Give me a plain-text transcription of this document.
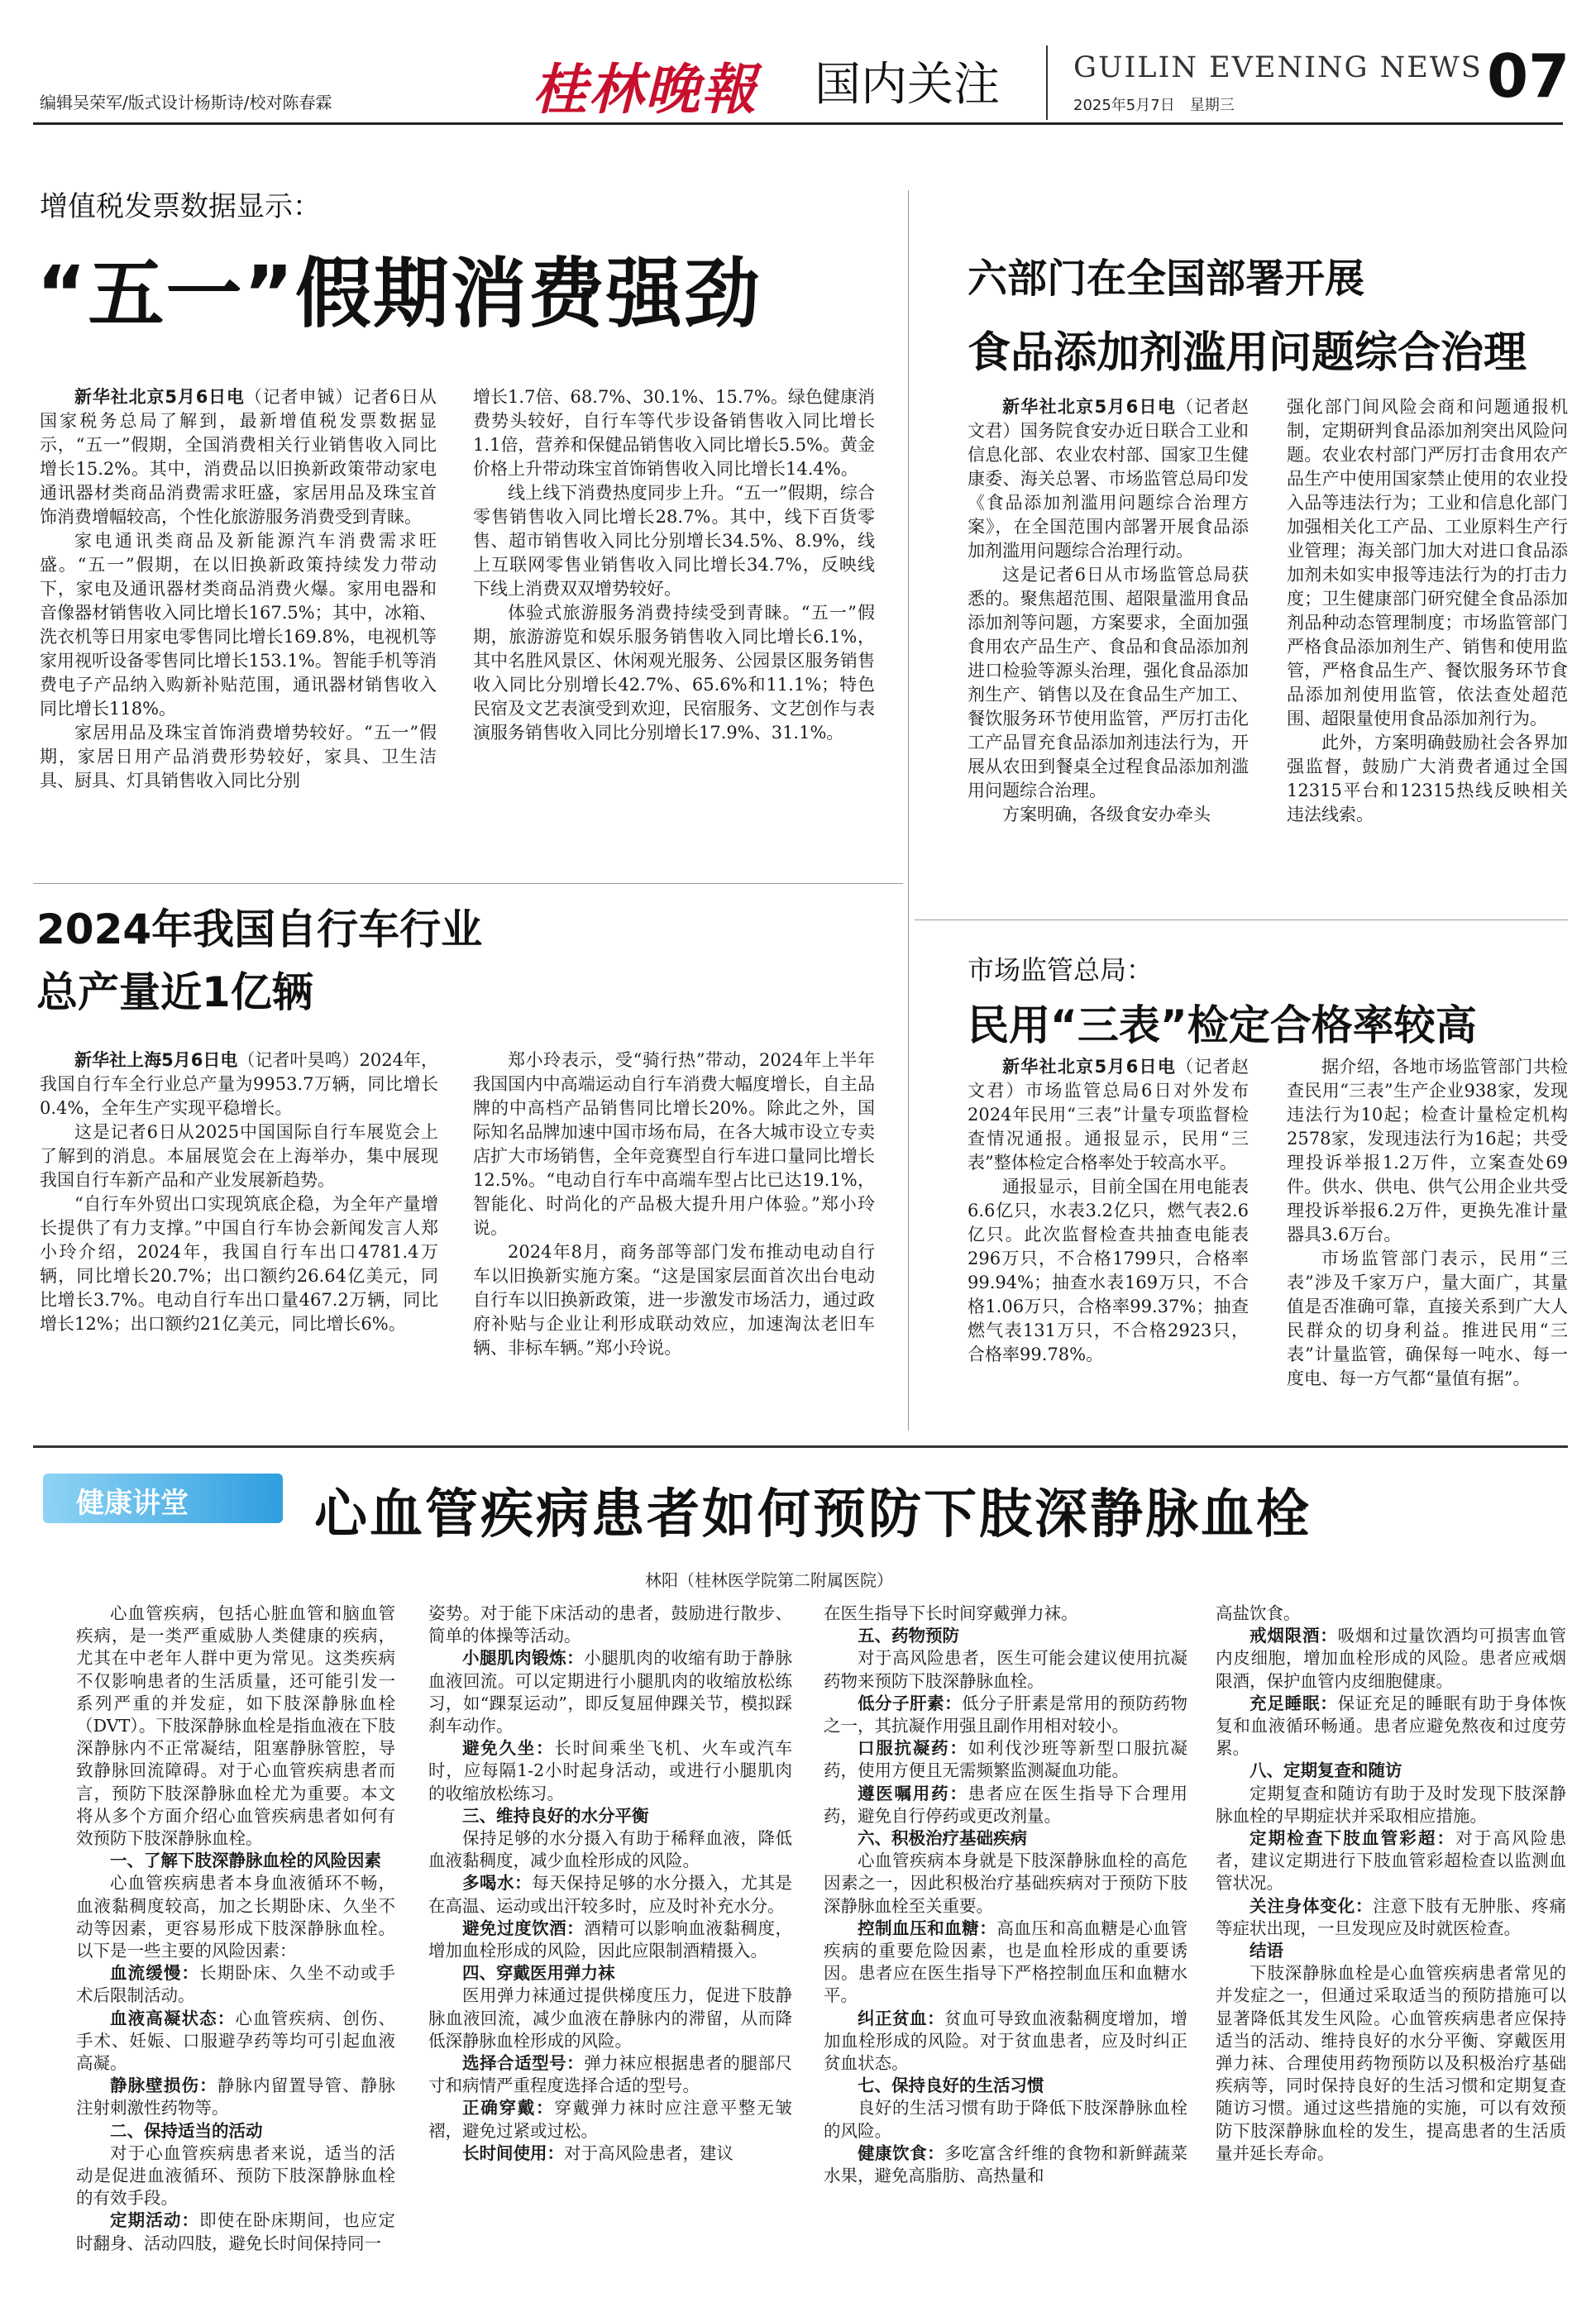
编辑吴荣军/版式设计杨斯诗/校对陈春霖	桂林晚報 国内关注	GUILIN EVENING NEWS
2025年5月7日　星期三	07
增值税发票数据显示：
“五一”假期消费强劲

新华社北京5月6日电（记者申铖）记者6日从国家税务总局了解到，最新增值税发票数据显示，“五一”假期，全国消费相关行业销售收入同比增长15.2%。其中，消费品以旧换新政策带动家电通讯器材类商品消费需求旺盛，家居用品及珠宝首饰消费增幅较高，个性化旅游服务消费受到青睐。

家电通讯类商品及新能源汽车消费需求旺盛。“五一”假期，在以旧换新政策持续发力带动下，家电及通讯器材类商品消费火爆。家用电器和音像器材销售收入同比增长167.5%；其中，冰箱、洗衣机等日用家电零售同比增长169.8%，电视机等家用视听设备零售同比增长153.1%。智能手机等消费电子产品纳入购新补贴范围，通讯器材销售收入同比增长118%。

家居用品及珠宝首饰消费增势较好。“五一”假期，家居日用产品消费形势较好，家具、卫生洁具、厨具、灯具销售收入同比分别

增长1.7倍、68.7%、30.1%、15.7%。绿色健康消费势头较好，自行车等代步设备销售收入同比增长1.1倍，营养和保健品销售收入同比增长5.5%。黄金价格上升带动珠宝首饰销售收入同比增长14.4%。

线上线下消费热度同步上升。“五一”假期，综合零售销售收入同比增长28.7%。其中，线下百货零售、超市销售收入同比分别增长34.5%、8.9%，线上互联网零售业销售收入同比增长34.7%，反映线下线上消费双双增势较好。

体验式旅游服务消费持续受到青睐。“五一”假期，旅游游览和娱乐服务销售收入同比增长6.1%，其中名胜风景区、休闲观光服务、公园景区服务销售收入同比分别增长42.7%、65.6%和11.1%；特色民宿及文艺表演受到欢迎，民宿服务、文艺创作与表演服务销售收入同比分别增长17.9%、31.1%。

六部门在全国部署开展
食品添加剂滥用问题综合治理

新华社北京5月6日电（记者赵文君）国务院食安办近日联合工业和信息化部、农业农村部、国家卫生健康委、海关总署、市场监管总局印发《食品添加剂滥用问题综合治理方案》，在全国范围内部署开展食品添加剂滥用问题综合治理行动。

这是记者6日从市场监管总局获悉的。聚焦超范围、超限量滥用食品添加剂等问题，方案要求，全面加强食用农产品生产、食品和食品添加剂进口检验等源头治理，强化食品添加剂生产、销售以及在食品生产加工、餐饮服务环节使用监管，严厉打击化工产品冒充食品添加剂违法行为，开展从农田到餐桌全过程食品添加剂滥用问题综合治理。

方案明确，各级食安办牵头

强化部门间风险会商和问题通报机制，定期研判食品添加剂突出风险问题。农业农村部门严厉打击食用农产品生产中使用国家禁止使用的农业投入品等违法行为；工业和信息化部门加强相关化工产品、工业原料生产行业管理；海关部门加大对进口食品添加剂未如实申报等违法行为的打击力度；卫生健康部门研究健全食品添加剂品种动态管理制度；市场监管部门严格食品添加剂生产、销售和使用监管，严格食品生产、餐饮服务环节食品添加剂使用监管，依法查处超范围、超限量使用食品添加剂行为。

此外，方案明确鼓励社会各界加强监督，鼓励广大消费者通过全国12315平台和12315热线反映相关违法线索。

2024年我国自行车行业
总产量近1亿辆

新华社上海5月6日电（记者叶昊鸣）2024年，我国自行车全行业总产量为9953.7万辆，同比增长0.4%，全年生产实现平稳增长。

这是记者6日从2025中国国际自行车展览会上了解到的消息。本届展览会在上海举办，集中展现我国自行车新产品和产业发展新趋势。

“自行车外贸出口实现筑底企稳，为全年产量增长提供了有力支撑。”中国自行车协会新闻发言人郑小玲介绍，2024年，我国自行车出口4781.4万辆，同比增长20.7%；出口额约26.64亿美元，同比增长3.7%。电动自行车出口量467.2万辆，同比增长12%；出口额约21亿美元，同比增长6%。

郑小玲表示，受“骑行热”带动，2024年上半年我国国内中高端运动自行车消费大幅度增长，自主品牌的中高档产品销售同比增长20%。除此之外，国际知名品牌加速中国市场布局，在各大城市设立专卖店扩大市场销售，全年竞赛型自行车进口量同比增长12.5%。“电动自行车中高端车型占比已达19.1%，智能化、时尚化的产品极大提升用户体验。”郑小玲说。

2024年8月，商务部等部门发布推动电动自行车以旧换新实施方案。“这是国家层面首次出台电动自行车以旧换新政策，进一步激发市场活力，通过政府补贴与企业让利形成联动效应，加速淘汰老旧车辆、非标车辆。”郑小玲说。

市场监管总局：
民用“三表”检定合格率较高

新华社北京5月6日电（记者赵文君）市场监管总局6日对外发布2024年民用“三表”计量专项监督检查情况通报。通报显示，民用“三表”整体检定合格率处于较高水平。

通报显示，目前全国在用电能表6.6亿只，水表3.2亿只，燃气表2.6亿只。此次监督检查共抽查电能表296万只，不合格1799只，合格率99.94%；抽查水表169万只，不合格1.06万只，合格率99.37%；抽查燃气表131万只，不合格2923只，合格率99.78%。

据介绍，各地市场监管部门共检查民用“三表”生产企业938家，发现违法行为10起；检查计量检定机构2578家，发现违法行为16起；共受理投诉举报1.2万件，立案查处69件。供水、供电、供气公用企业共受理投诉举报6.2万件，更换先准计量器具3.6万台。

市场监管部门表示，民用“三表”涉及千家万户，量大面广，其量值是否准确可靠，直接关系到广大人民群众的切身利益。推进民用“三表”计量监管，确保每一吨水、每一度电、每一方气都“量值有据”。

健康讲堂	心血管疾病患者如何预防下肢深静脉血栓
林阳（桂林医学院第二附属医院）

心血管疾病，包括心脏血管和脑血管疾病，是一类严重威胁人类健康的疾病，尤其在中老年人群中更为常见。这类疾病不仅影响患者的生活质量，还可能引发一系列严重的并发症，如下肢深静脉血栓（DVT）。下肢深静脉血栓是指血液在下肢深静脉内不正常凝结，阻塞静脉管腔，导致静脉回流障碍。对于心血管疾病患者而言，预防下肢深静脉血栓尤为重要。本文将从多个方面介绍心血管疾病患者如何有效预防下肢深静脉血栓。

一、了解下肢深静脉血栓的风险因素

心血管疾病患者本身血液循环不畅，血液黏稠度较高，加之长期卧床、久坐不动等因素，更容易形成下肢深静脉血栓。以下是一些主要的风险因素：

血流缓慢：长期卧床、久坐不动或手术后限制活动。

血液高凝状态：心血管疾病、创伤、手术、妊娠、口服避孕药等均可引起血液高凝。

静脉壁损伤：静脉内留置导管、静脉注射刺激性药物等。

二、保持适当的活动

对于心血管疾病患者来说，适当的活动是促进血液循环、预防下肢深静脉血栓的有效手段。

定期活动：即使在卧床期间，也应定时翻身、活动四肢，避免长时间保持同一

姿势。对于能下床活动的患者，鼓励进行散步、简单的体操等活动。

小腿肌肉锻炼：小腿肌肉的收缩有助于静脉血液回流。可以定期进行小腿肌肉的收缩放松练习，如“踝泵运动”，即反复屈伸踝关节，模拟踩刹车动作。

避免久坐：长时间乘坐飞机、火车或汽车时，应每隔1-2小时起身活动，或进行小腿肌肉的收缩放松练习。

三、维持良好的水分平衡

保持足够的水分摄入有助于稀释血液，降低血液黏稠度，减少血栓形成的风险。

多喝水：每天保持足够的水分摄入，尤其是在高温、运动或出汗较多时，应及时补充水分。

避免过度饮酒：酒精可以影响血液黏稠度，增加血栓形成的风险，因此应限制酒精摄入。

四、穿戴医用弹力袜

医用弹力袜通过提供梯度压力，促进下肢静脉血液回流，减少血液在静脉内的滞留，从而降低深静脉血栓形成的风险。

选择合适型号：弹力袜应根据患者的腿部尺寸和病情严重程度选择合适的型号。

正确穿戴：穿戴弹力袜时应注意平整无皱褶，避免过紧或过松。

长时间使用：对于高风险患者，建议

在医生指导下长时间穿戴弹力袜。

五、药物预防

对于高风险患者，医生可能会建议使用抗凝药物来预防下肢深静脉血栓。

低分子肝素：低分子肝素是常用的预防药物之一，其抗凝作用强且副作用相对较小。

口服抗凝药：如利伐沙班等新型口服抗凝药，使用方便且无需频繁监测凝血功能。

遵医嘱用药：患者应在医生指导下合理用药，避免自行停药或更改剂量。

六、积极治疗基础疾病

心血管疾病本身就是下肢深静脉血栓的高危因素之一，因此积极治疗基础疾病对于预防下肢深静脉血栓至关重要。

控制血压和血糖：高血压和高血糖是心血管疾病的重要危险因素，也是血栓形成的重要诱因。患者应在医生指导下严格控制血压和血糖水平。

纠正贫血：贫血可导致血液黏稠度增加，增加血栓形成的风险。对于贫血患者，应及时纠正贫血状态。

七、保持良好的生活习惯

良好的生活习惯有助于降低下肢深静脉血栓的风险。

健康饮食：多吃富含纤维的食物和新鲜蔬菜水果，避免高脂肪、高热量和

高盐饮食。

戒烟限酒：吸烟和过量饮酒均可损害血管内皮细胞，增加血栓形成的风险。患者应戒烟限酒，保护血管内皮细胞健康。

充足睡眠：保证充足的睡眠有助于身体恢复和血液循环畅通。患者应避免熬夜和过度劳累。

八、定期复查和随访

定期复查和随访有助于及时发现下肢深静脉血栓的早期症状并采取相应措施。

定期检查下肢血管彩超：对于高风险患者，建议定期进行下肢血管彩超检查以监测血管状况。

关注身体变化：注意下肢有无肿胀、疼痛等症状出现，一旦发现应及时就医检查。

结语

下肢深静脉血栓是心血管疾病患者常见的并发症之一，但通过采取适当的预防措施可以显著降低其发生风险。心血管疾病患者应保持适当的活动、维持良好的水分平衡、穿戴医用弹力袜、合理使用药物预防以及积极治疗基础疾病等，同时保持良好的生活习惯和定期复查随访习惯。通过这些措施的实施，可以有效预防下肢深静脉血栓的发生，提高患者的生活质量并延长寿命。
